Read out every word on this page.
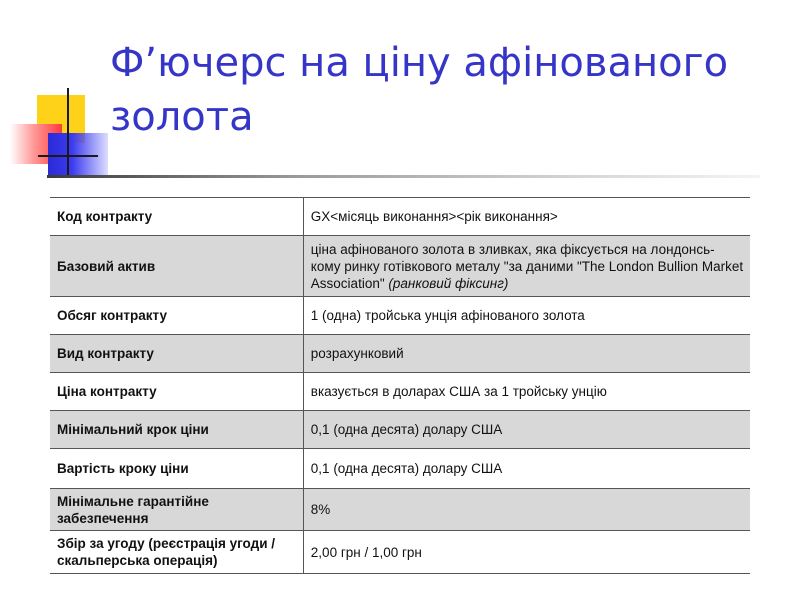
Ф’ючерс на ціну афінованого золота
Код контракту	GX<місяць виконання><рік виконання>
Базовий актив	ціна афінованого золота в зливках, яка фіксується на лондонсь-кому ринку готівкового металу "за даними "The London Bullion Market Association" (ранковий фіксинг)
Обсяг контракту	1 (одна) тройська унція афінованого золота
Вид контракту	розрахунковий
Ціна контракту	вказується в доларах США за 1 тройську унцію
Мінімальний крок ціни	0,1 (одна десята) долару США
Вартість кроку ціни	0,1 (одна десята) долару США
Мінімальне гарантійне забезпечення	8%
Збір за угоду (реєстрація угоди / скальперська операція)	2,00 грн / 1,00 грн
